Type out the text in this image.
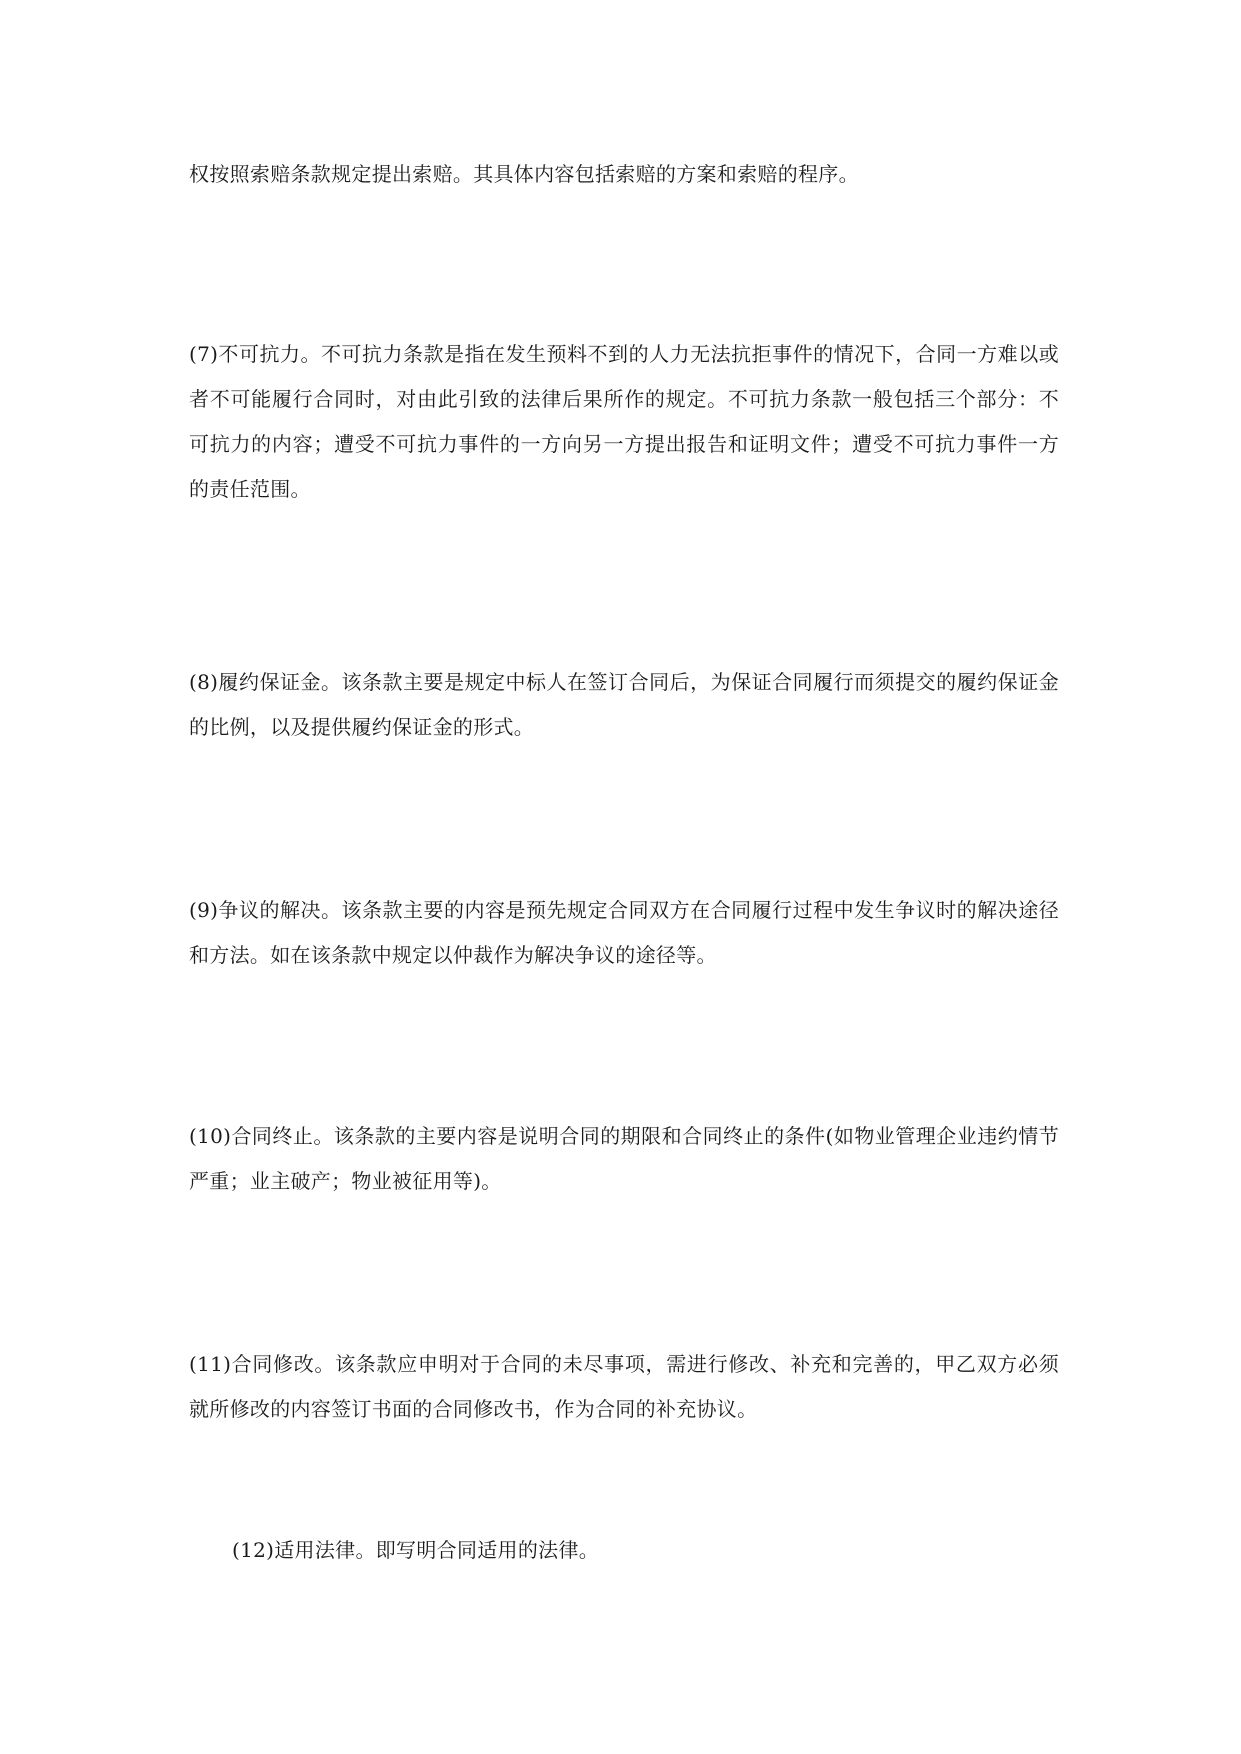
权按照索赔条款规定提出索赔。其具体内容包括索赔的方案和索赔的程序。

(7)不可抗力。不可抗力条款是指在发生预料不到的人力无法抗拒事件的情况下，合同一方难以或者不可能履行合同时，对由此引致的法律后果所作的规定。不可抗力条款一般包括三个部分：不可抗力的内容；遭受不可抗力事件的一方向另一方提出报告和证明文件；遭受不可抗力事件一方的责任范围。

(8)履约保证金。该条款主要是规定中标人在签订合同后，为保证合同履行而须提交的履约保证金的比例，以及提供履约保证金的形式。

(9)争议的解决。该条款主要的内容是预先规定合同双方在合同履行过程中发生争议时的解决途径和方法。如在该条款中规定以仲裁作为解决争议的途径等。

(10)合同终止。该条款的主要内容是说明合同的期限和合同终止的条件(如物业管理企业违约情节严重；业主破产；物业被征用等)。

(11)合同修改。该条款应申明对于合同的未尽事项，需进行修改、补充和完善的，甲乙双方必须就所修改的内容签订书面的合同修改书，作为合同的补充协议。

(12)适用法律。即写明合同适用的法律。
